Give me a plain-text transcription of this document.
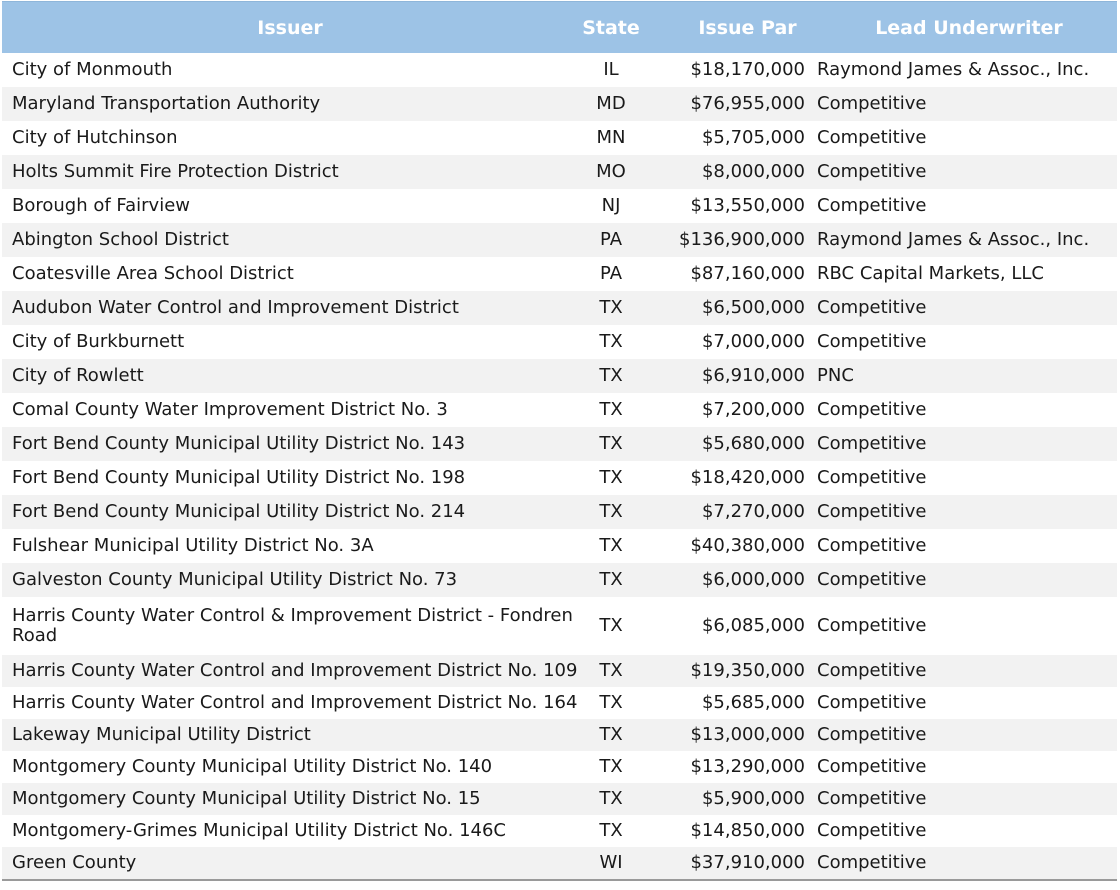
Issuer	State	Issue Par	Lead Underwriter
City of Monmouth	IL	$18,170,000	Raymond James & Assoc., Inc.
Maryland Transportation Authority	MD	$76,955,000	Competitive
City of Hutchinson	MN	$5,705,000	Competitive
Holts Summit Fire Protection District	MO	$8,000,000	Competitive
Borough of Fairview	NJ	$13,550,000	Competitive
Abington School District	PA	$136,900,000	Raymond James & Assoc., Inc.
Coatesville Area School District	PA	$87,160,000	RBC Capital Markets, LLC
Audubon Water Control and Improvement District	TX	$6,500,000	Competitive
City of Burkburnett	TX	$7,000,000	Competitive
City of Rowlett	TX	$6,910,000	PNC
Comal County Water Improvement District No. 3	TX	$7,200,000	Competitive
Fort Bend County Municipal Utility District No. 143	TX	$5,680,000	Competitive
Fort Bend County Municipal Utility District No. 198	TX	$18,420,000	Competitive
Fort Bend County Municipal Utility District No. 214	TX	$7,270,000	Competitive
Fulshear Municipal Utility District No. 3A	TX	$40,380,000	Competitive
Galveston County Municipal Utility District No. 73	TX	$6,000,000	Competitive
Harris County Water Control & Improvement District - Fondren Road	TX	$6,085,000	Competitive
Harris County Water Control and Improvement District No. 109	TX	$19,350,000	Competitive
Harris County Water Control and Improvement District No. 164	TX	$5,685,000	Competitive
Lakeway Municipal Utility District	TX	$13,000,000	Competitive
Montgomery County Municipal Utility District No. 140	TX	$13,290,000	Competitive
Montgomery County Municipal Utility District No. 15	TX	$5,900,000	Competitive
Montgomery-Grimes Municipal Utility District No. 146C	TX	$14,850,000	Competitive
Green County	WI	$37,910,000	Competitive
